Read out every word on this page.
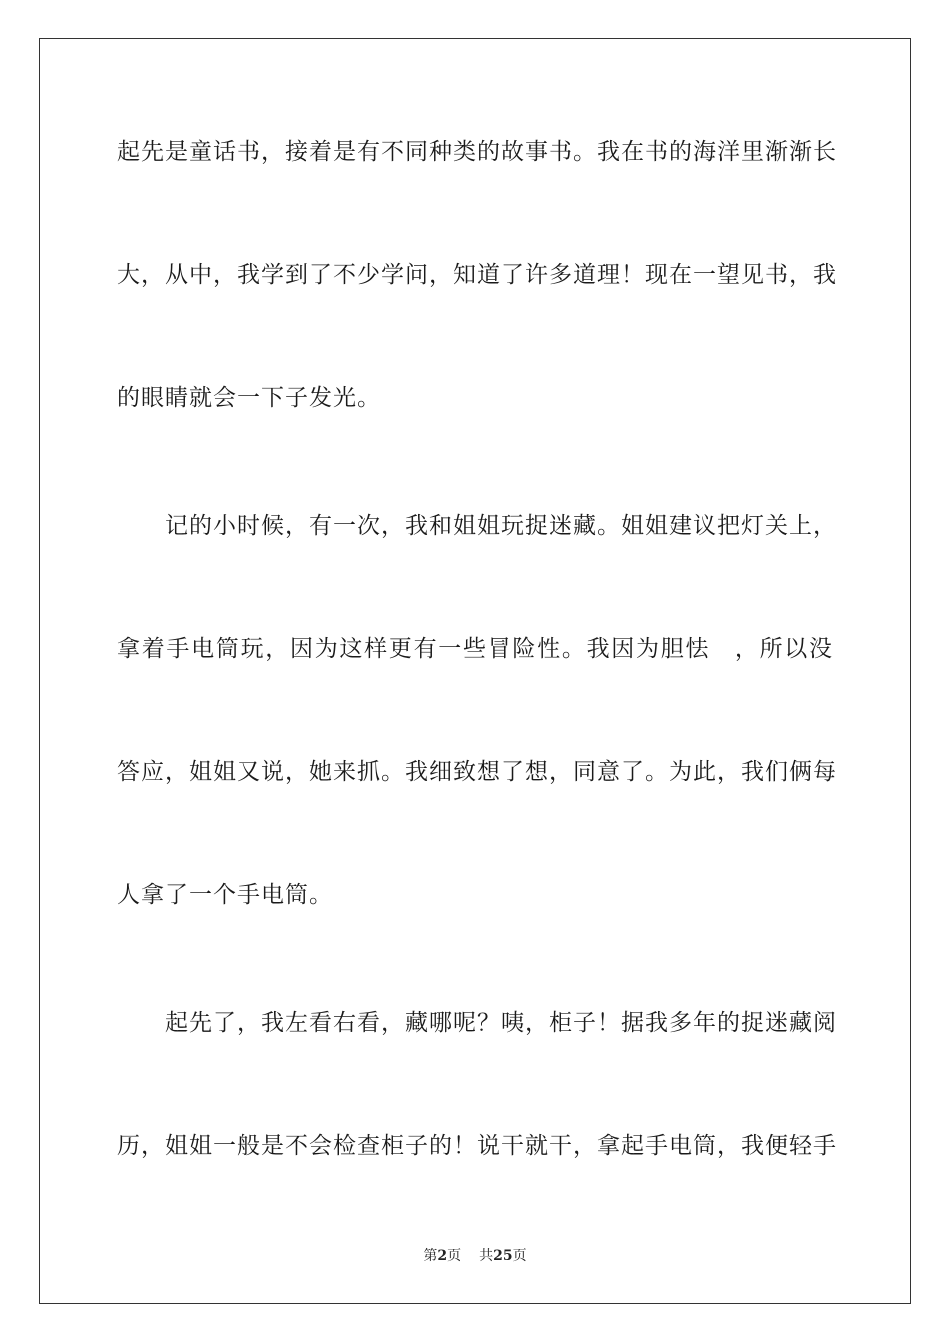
起先是童话书，接着是有不同种类的故事书。我在书的海洋里渐渐长
大，从中，我学到了不少学问，知道了许多道理！现在一望见书，我
的眼睛就会一下子发光。
记的小时候，有一次，我和姐姐玩捉迷藏。姐姐建议把灯关上，
拿着手电筒玩，因为这样更有一些冒险性。我因为胆怯　，所以没
答应，姐姐又说，她来抓。我细致想了想，同意了。为此，我们俩每
人拿了一个手电筒。
起先了，我左看右看，藏哪呢？咦，柜子！据我多年的捉迷藏阅
历，姐姐一般是不会检查柜子的！说干就干，拿起手电筒，我便轻手
第2页 共25页
